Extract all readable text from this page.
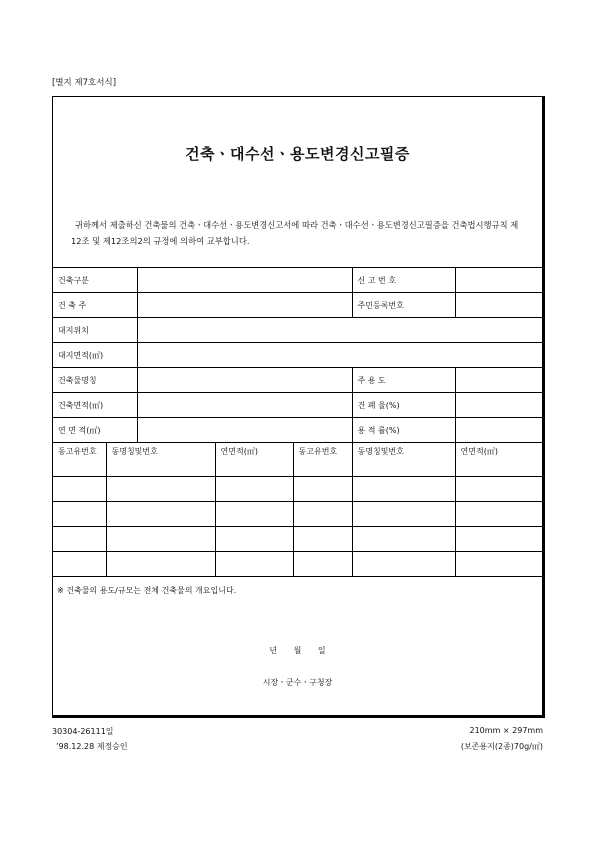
[별지 제7호서식]
건축ㆍ대수선ㆍ용도변경신고필증
귀하께서 제출하신 건축물의 건축ㆍ대수선ㆍ용도변경신고서에 따라 건축ㆍ대수선ㆍ용도변경신고필증을 건축법시행규칙 제12조 및 제12조의2의 규정에 의하여 교부합니다.
건축구분					신 고 번 호	
건 축 주					주민등록번호	
대지위치						
대지면적(㎡)						
건축물명칭					주 용 도	
건축면적(㎡)					건 폐 율(%)	
연 면 적(㎡)					용 적 률(%)	
동고유번호	동명칭및번호		연면적(㎡)	동고유번호	동명칭및번호	연면적(㎡)

※ 건축물의 용도/규모는 전체 건축물의 개요입니다.
년 월 일
시장ㆍ군수ㆍ구청장
30304-26111일
’98.12.28 제정승인
210mm × 297mm
(보존용지(2종)70g/㎡)
